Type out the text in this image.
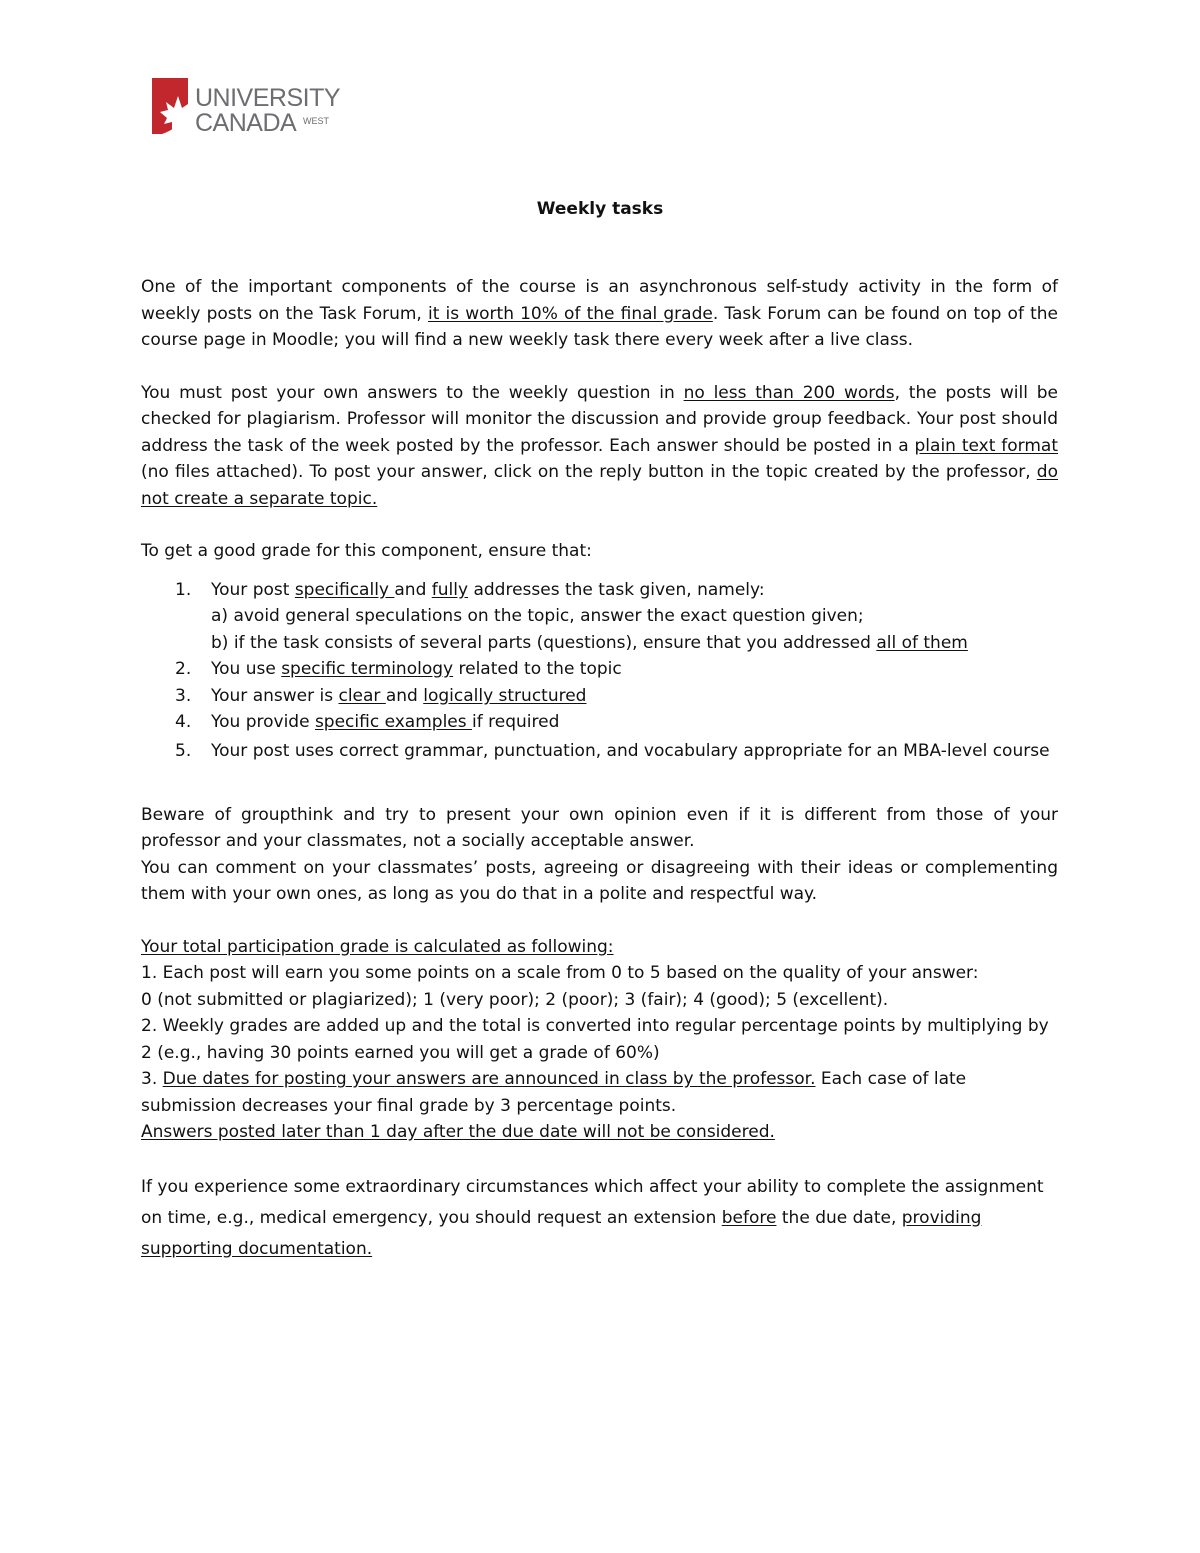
UNIVERSITY
CANADA WEST
Weekly tasks

One of the important components of the course is an asynchronous self-study activity in the form of weekly posts on the Task Forum, it is worth 10% of the final grade. Task Forum can be found on top of the course page in Moodle; you will find a new weekly task there every week after a live class.

You must post your own answers to the weekly question in no less than 200 words, the posts will be checked for plagiarism. Professor will monitor the discussion and provide group feedback. Your post should address the task of the week posted by the professor. Each answer should be posted in a plain text format (no files attached). To post your answer, click on the reply button in the topic created by the professor, do not create a separate topic.

To get a good grade for this component, ensure that:

1. Your post specifically and fully addresses the task given, namely:
a) avoid general speculations on the topic, answer the exact question given;
b) if the task consists of several parts (questions), ensure that you addressed all of them
2. You use specific terminology related to the topic
3. Your answer is clear and logically structured
4. You provide specific examples if required
5. Your post uses correct grammar, punctuation, and vocabulary appropriate for an MBA-level course

Beware of groupthink and try to present your own opinion even if it is different from those of your professor and your classmates, not a socially acceptable answer.

You can comment on your classmates’ posts, agreeing or disagreeing with their ideas or complementing them with your own ones, as long as you do that in a polite and respectful way.

Your total participation grade is calculated as following:

1. Each post will earn you some points on a scale from 0 to 5 based on the quality of your answer:

0 (not submitted or plagiarized); 1 (very poor); 2 (poor); 3 (fair); 4 (good); 5 (excellent).

2. Weekly grades are added up and the total is converted into regular percentage points by multiplying by 2 (e.g., having 30 points earned you will get a grade of 60%)

3. Due dates for posting your answers are announced in class by the professor. Each case of late submission decreases your final grade by 3 percentage points.

Answers posted later than 1 day after the due date will not be considered.

If you experience some extraordinary circumstances which affect your ability to complete the assignment on time, e.g., medical emergency, you should request an extension before the due date, providing supporting documentation.
